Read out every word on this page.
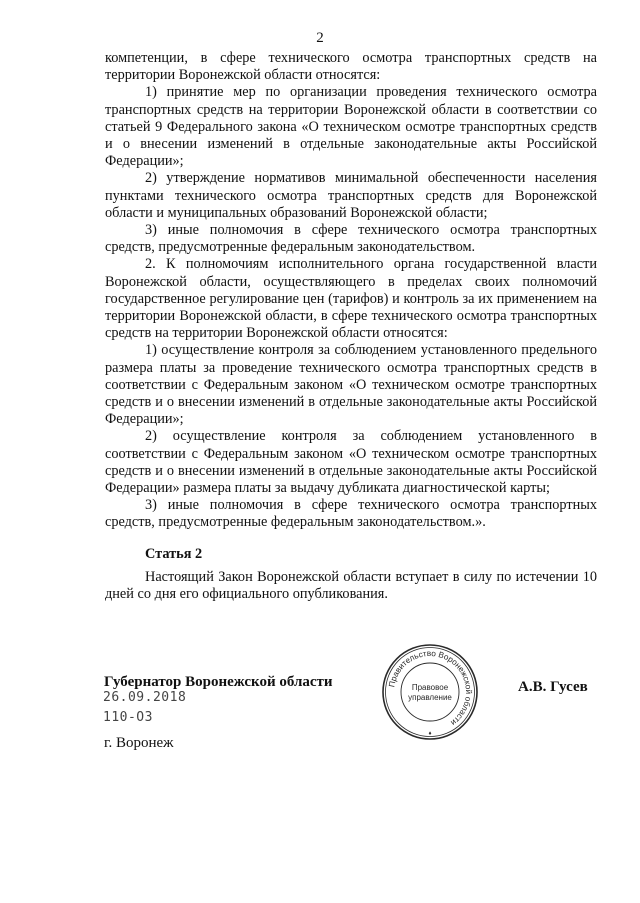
2

компетенции, в сфере технического осмотра транспортных средств на территории Воронежской области относятся:

1) принятие мер по организации проведения технического осмотра транспортных средств на территории Воронежской области в соответствии со статьей 9 Федерального закона «О техническом осмотре транспортных средств и о внесении изменений в отдельные законодательные акты Российской Федерации»;

2) утверждение нормативов минимальной обеспеченности населения пунктами технического осмотра транспортных средств для Воронежской области и муниципальных образований Воронежской области;

3) иные полномочия в сфере технического осмотра транспортных средств, предусмотренные федеральным законодательством.

2. К полномочиям исполнительного органа государственной власти Воронежской области, осуществляющего в пределах своих полномочий государственное регулирование цен (тарифов) и контроль за их применением на территории Воронежской области, в сфере технического осмотра транспортных средств на территории Воронежской области относятся:

1) осуществление контроля за соблюдением установленного предельного размера платы за проведение технического осмотра транспортных средств в соответствии с Федеральным законом «О техническом осмотре транспортных средств и о внесении изменений в отдельные законодательные акты Российской Федерации»;

2) осуществление контроля за соблюдением установленного в соответствии с Федеральным законом «О техническом осмотре транспортных средств и о внесении изменений в отдельные законодательные акты Российской Федерации» размера платы за выдачу дубликата диагностической карты;

3) иные полномочия в сфере технического осмотра транспортных средств, предусмотренные федеральным законодательством.».

Статья 2

Настоящий Закон Воронежской области вступает в силу по истечении 10 дней со дня его официального опубликования.

Губернатор Воронежской области
26.09.2018
110-ОЗ
г. Воронеж
А.В. Гусев
Правительство Воронежской области
Правовое
управление
♦
